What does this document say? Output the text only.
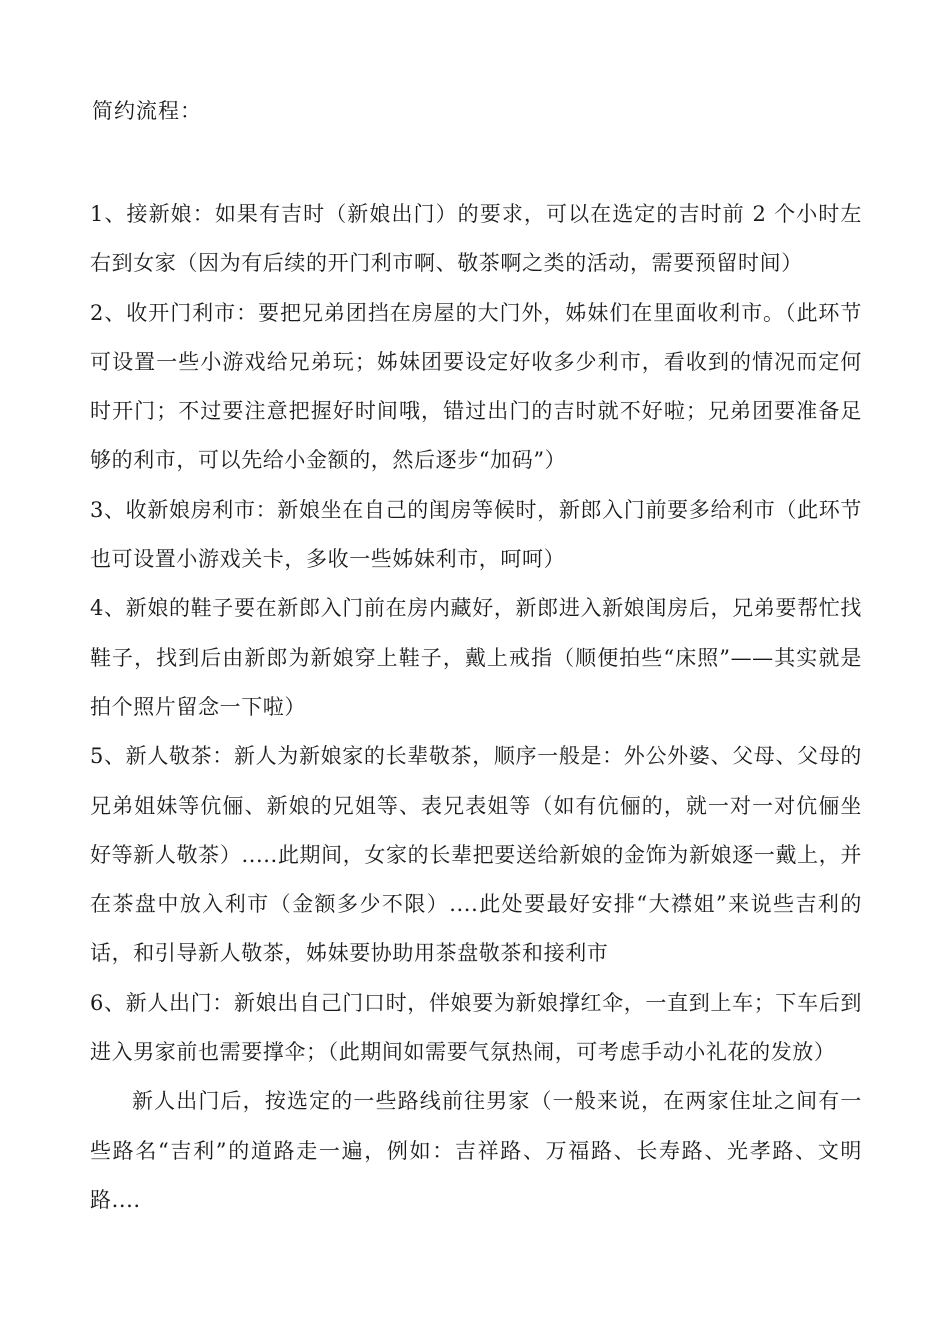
简约流程：

1、接新娘：如果有吉时（新娘出门）的要求，可以在选定的吉时前 2 个小时左右到女家（因为有后续的开门利市啊、敬茶啊之类的活动，需要预留时间）

2、收开门利市：要把兄弟团挡在房屋的大门外，姊妹们在里面收利市。（此环节可设置一些小游戏给兄弟玩；姊妹团要设定好收多少利市，看收到的情况而定何时开门；不过要注意把握好时间哦，错过出门的吉时就不好啦；兄弟团要准备足够的利市，可以先给小金额的，然后逐步“加码”）

3、收新娘房利市：新娘坐在自己的闺房等候时，新郎入门前要多给利市（此环节也可设置小游戏关卡，多收一些姊妹利市，呵呵）

4、新娘的鞋子要在新郎入门前在房内藏好，新郎进入新娘闺房后，兄弟要帮忙找鞋子，找到后由新郎为新娘穿上鞋子，戴上戒指（顺便拍些“床照”——其实就是拍个照片留念一下啦）

5、新人敬茶：新人为新娘家的长辈敬茶，顺序一般是：外公外婆、父母、父母的兄弟姐妹等伉俪、新娘的兄姐等、表兄表姐等（如有伉俪的，就一对一对伉俪坐好等新人敬茶）.....此期间，女家的长辈把要送给新娘的金饰为新娘逐一戴上，并在茶盘中放入利市（金额多少不限）....此处要最好安排“大襟姐”来说些吉利的话，和引导新人敬茶，姊妹要协助用茶盘敬茶和接利市

6、新人出门：新娘出自己门口时，伴娘要为新娘撑红伞，一直到上车；下车后到进入男家前也需要撑伞；（此期间如需要气氛热闹，可考虑手动小礼花的发放）

新人出门后，按选定的一些路线前往男家（一般来说，在两家住址之间有一些路名“吉利”的道路走一遍，例如：吉祥路、万福路、长寿路、光孝路、文明路....
